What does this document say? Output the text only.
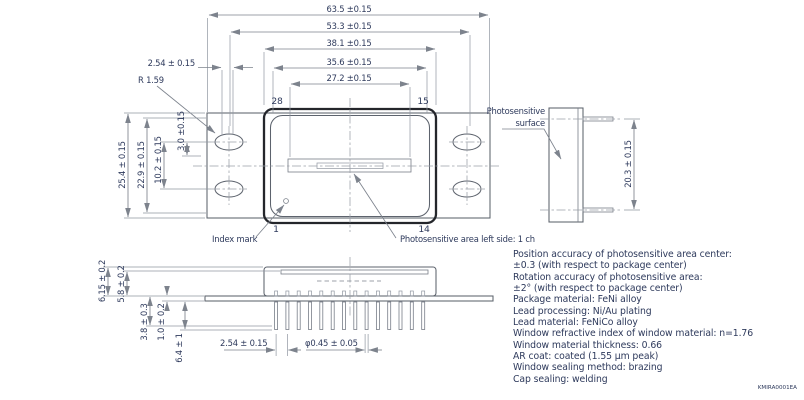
63.5 ±0.15
53.3 ±0.15
38.1 ±0.15
35.6 ±0.15
27.2 ±0.15
2.54 ± 0.15
R 1.59
25.4 ± 0.15 22.9 ± 0.15 10.2 ± 0.15
3.0 ±0.15
28	15
1	14
Index mark	Photosensitive area left side: 1 ch
20.3 ± 0.15
Photosensitive
surface
6.15 ± 0.2 5.8 ± 0.2
3.8 ± 0.3 1.0 ± 0.2
6.4 ± 1	2.54 ± 0.15	φ0.45 ± 0.05
Position accuracy of photosensitive area center:
±0.3 (with respect to package center)
Rotation accuracy of photosensitive area:
±2° (with respect to package center)
Package material: FeNi alloy
Lead processing: Ni/Au plating
Lead material: FeNiCo alloy
Window refractive index of window material: n=1.76
Window material thickness: 0.66
AR coat: coated (1.55 μm peak)
Window sealing method: brazing
Cap sealing: welding
KMIRA0001EA
